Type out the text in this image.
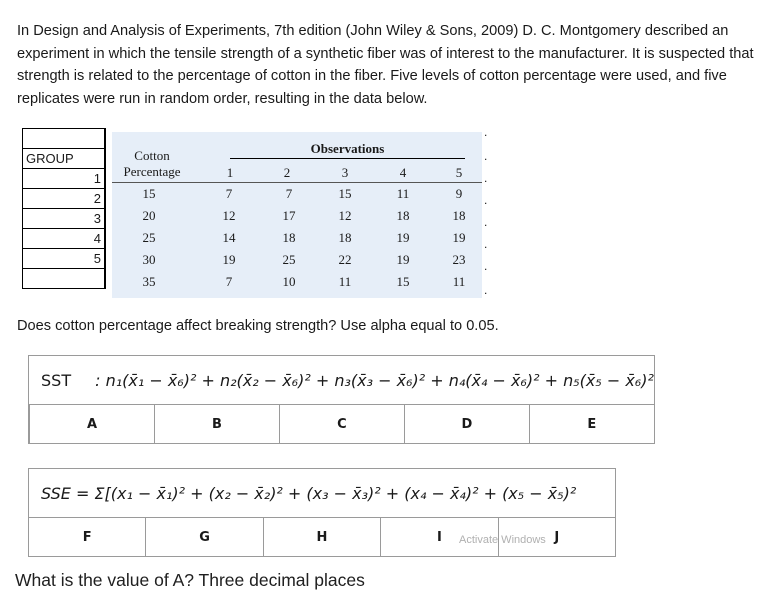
In Design and Analysis of Experiments, 7th edition (John Wiley & Sons, 2009) D. C. Montgomery described an experiment in which the tensile strength of a synthetic fiber was of interest to the manufacturer. It is suspected that strength is related to the percentage of cotton in the fiber. Five levels of cotton percentage were used, and five replicates were run in random order, resulting in the data below.

GROUP	
1	
2	
3	
4	
5	

Cotton
Percentage
Observations
1	2	3	4	5
15	7	7	15	11	9
20	12	17	12	18	18
25	14	18	18	19	19
30	19	25	22	19	23
35	7	10	11	15	11
.
.
.
.
.
.
.
.
Does cotton percentage affect breaking strength? Use alpha equal to 0.05.
SST : n₁(x̄₁ − x̄₆)² + n₂(x̄₂ − x̄₆)² + n₃(x̄₃ − x̄₆)² + n₄(x̄₄ − x̄₆)² + n₅(x̄₅ − x̄₆)²
	A	B	C	D	E
SSE = Σ[(x₁ − x̄₁)² + (x₂ − x̄₂)² + (x₃ − x̄₃)² + (x₄ − x̄₄)² + (x₅ − x̄₅)²
F	G	H	I	J
Activate Windows
What is the value of A? Three decimal places
